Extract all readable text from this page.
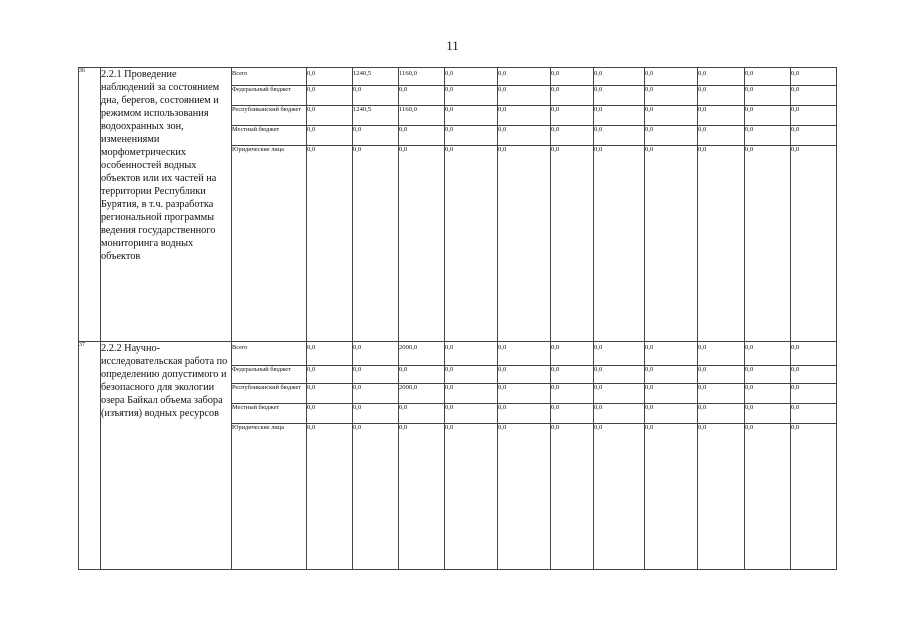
11
36	2.2.1 Проведение наблюдений за состоянием дна, берегов, состоянием и режимом использования водоохранных зон, изменениями морфометрических особенностей водных объектов или их частей на территории Республики Бурятия, в т.ч. разработка региональной программы ведения государственного мониторинга водных объектов	Всего	0,0	1240,5	1160,0	0,0	0,0	0,0	0,0	0,0	0,0	0,0	0,0
		Федеральный бюджет	0,0	0,0	0,0	0,0	0,0	0,0	0,0	0,0	0,0	0,0	0,0
		Республиканский бюджет	0,0	1240,5	1160,0	0,0	0,0	0,0	0,0	0,0	0,0	0,0	0,0
		Местный бюджет	0,0	0,0	0,0	0,0	0,0	0,0	0,0	0,0	0,0	0,0	0,0
		Юридические лица	0,0	0,0	0,0	0,0	0,0	0,0	0,0	0,0	0,0	0,0	0,0
37	2.2.2 Научно-исследовательская работа по определению допустимого и безопасного для экологии озера Байкал объема забора (изъятия) водных ресурсов	Всего	0,0	0,0	2000,0	0,0	0,0	0,0	0,0	0,0	0,0	0,0	0,0
		Федеральный бюджет	0,0	0,0	0,0	0,0	0,0	0,0	0,0	0,0	0,0	0,0	0,0
		Республиканский бюджет	0,0	0,0	2000,0	0,0	0,0	0,0	0,0	0,0	0,0	0,0	0,0
		Местный бюджет	0,0	0,0	0,0	0,0	0,0	0,0	0,0	0,0	0,0	0,0	0,0
		Юридические лица	0,0	0,0	0,0	0,0	0,0	0,0	0,0	0,0	0,0	0,0	0,0
